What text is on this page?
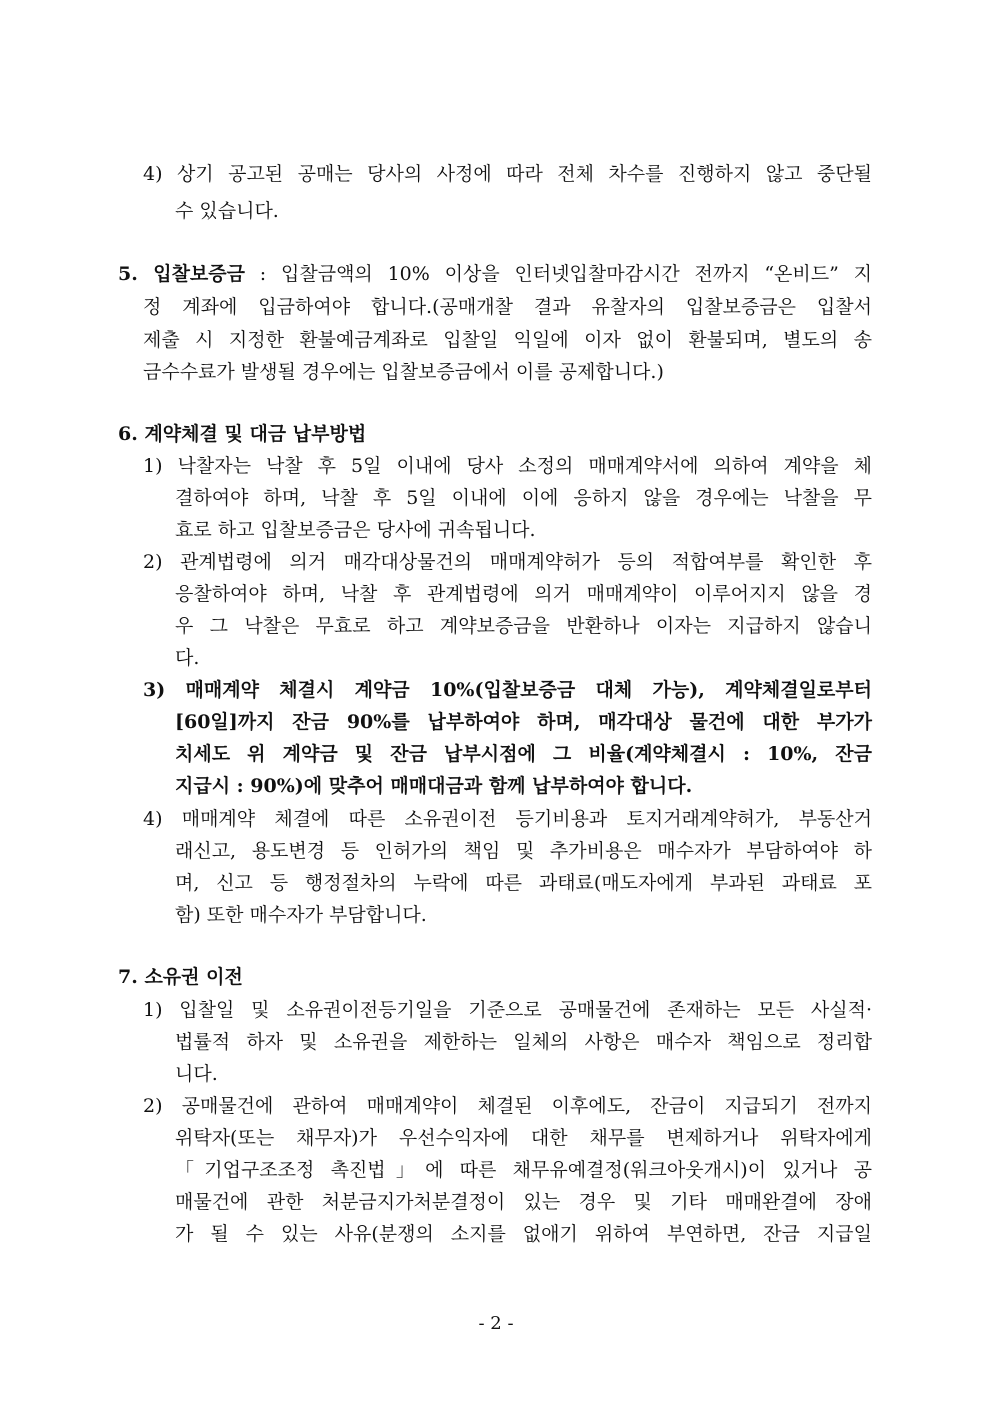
4) 상기 공고된 공매는 당사의 사정에 따라 전체 차수를 진행하지 않고 중단될
수 있습니다.
5. 입찰보증금 : 입찰금액의 10% 이상을 인터넷입찰마감시간 전까지 “온비드” 지
정 계좌에 입금하여야 합니다.(공매개찰 결과 유찰자의 입찰보증금은 입찰서
제출 시 지정한 환불예금계좌로 입찰일 익일에 이자 없이 환불되며, 별도의 송
금수수료가 발생될 경우에는 입찰보증금에서 이를 공제합니다.)
6. 계약체결 및 대금 납부방법
1) 낙찰자는 낙찰 후 5일 이내에 당사 소정의 매매계약서에 의하여 계약을 체
결하여야 하며, 낙찰 후 5일 이내에 이에 응하지 않을 경우에는 낙찰을 무
효로 하고 입찰보증금은 당사에 귀속됩니다.
2) 관계법령에 의거 매각대상물건의 매매계약허가 등의 적합여부를 확인한 후
응찰하여야 하며, 낙찰 후 관계법령에 의거 매매계약이 이루어지지 않을 경
우 그 낙찰은 무효로 하고 계약보증금을 반환하나 이자는 지급하지 않습니
다.
3) 매매계약 체결시 계약금 10%(입찰보증금 대체 가능), 계약체결일로부터
[60일]까지 잔금 90%를 납부하여야 하며, 매각대상 물건에 대한 부가가
치세도 위 계약금 및 잔금 납부시점에 그 비율(계약체결시 : 10%, 잔금
지급시 : 90%)에 맞추어 매매대금과 함께 납부하여야 합니다.
4) 매매계약 체결에 따른 소유권이전 등기비용과 토지거래계약허가, 부동산거
래신고, 용도변경 등 인허가의 책임 및 추가비용은 매수자가 부담하여야 하
며, 신고 등 행정절차의 누락에 따른 과태료(매도자에게 부과된 과태료 포
함) 또한 매수자가 부담합니다.
7. 소유권 이전
1) 입찰일 및 소유권이전등기일을 기준으로 공매물건에 존재하는 모든 사실적·
법률적 하자 및 소유권을 제한하는 일체의 사항은 매수자 책임으로 정리합
니다.
2) 공매물건에 관하여 매매계약이 체결된 이후에도, 잔금이 지급되기 전까지
위탁자(또는 채무자)가 우선수익자에 대한 채무를 변제하거나 위탁자에게
「기업구조조정 촉진법」에 따른 채무유예결정(워크아웃개시)이 있거나 공
매물건에 관한 처분금지가처분결정이 있는 경우 및 기타 매매완결에 장애
가 될 수 있는 사유(분쟁의 소지를 없애기 위하여 부연하면, 잔금 지급일
- 2 -
